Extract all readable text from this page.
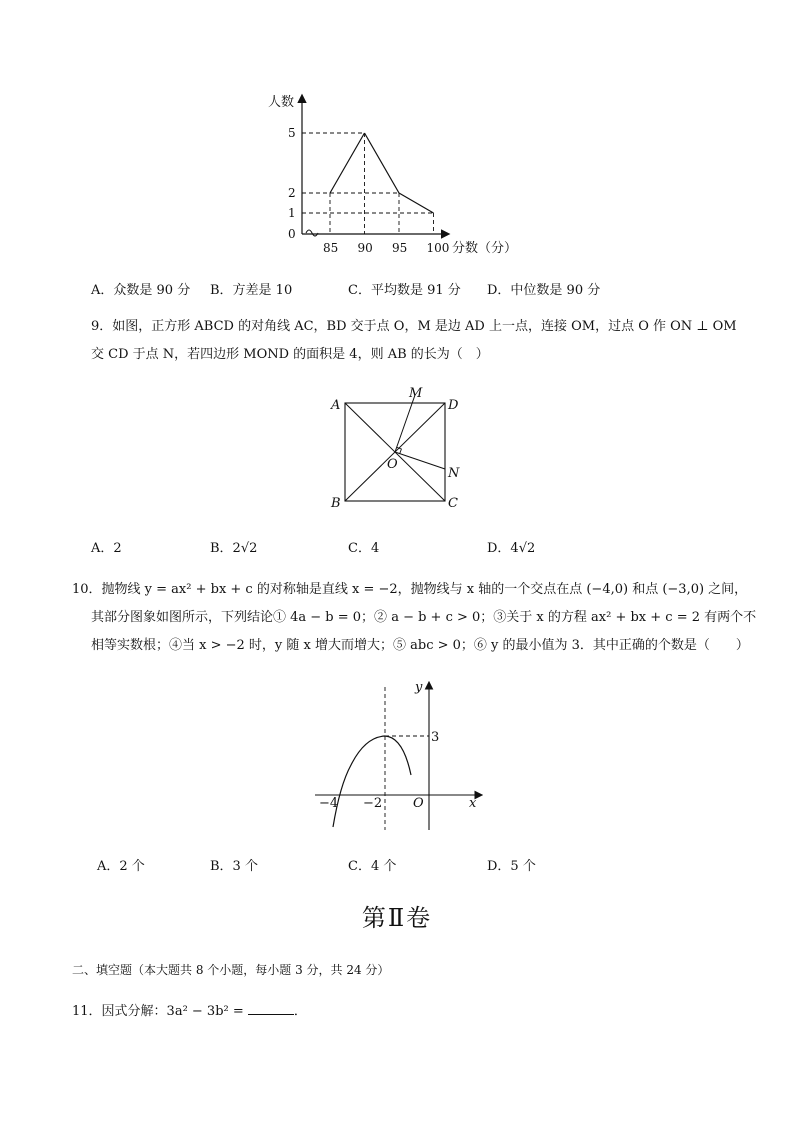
85 90 95 100
1
2
5
人数
分数（分）
0
A．众数是 90 分 B．方差是 10	C．平均数是 91 分 D．中位数是 90 分
9．如图，正方形 ABCD 的对角线 AC，BD 交于点 O，M 是边 AD 上一点，连接 OM，过点 O 作 ON ⊥ OM
交 CD 于点 N，若四边形 MOND 的面积是 4，则 AB 的长为（　）
A	D
B	C
M
N
O
A．2	B．2√2	C．4	D．4√2
10．抛物线 y = ax² + bx + c 的对称轴是直线 x = −2，抛物线与 x 轴的一个交点在点 (−4,0) 和点 (−3,0) 之间，
其部分图象如图所示，下列结论① 4a − b = 0；② a − b + c > 0；③关于 x 的方程 ax² + bx + c = 2 有两个不
相等实数根；④当 x > −2 时，y 随 x 增大而增大；⑤ abc > 0；⑥ y 的最小值为 3．其中正确的个数是（　　）
y
x
O
3
−4 −2
A．2 个	B．3 个	C．4 个	D．5 个
第Ⅱ卷
二、填空题（本大题共 8 个小题，每小题 3 分，共 24 分）
11．因式分解：3a² − 3b² =	．
